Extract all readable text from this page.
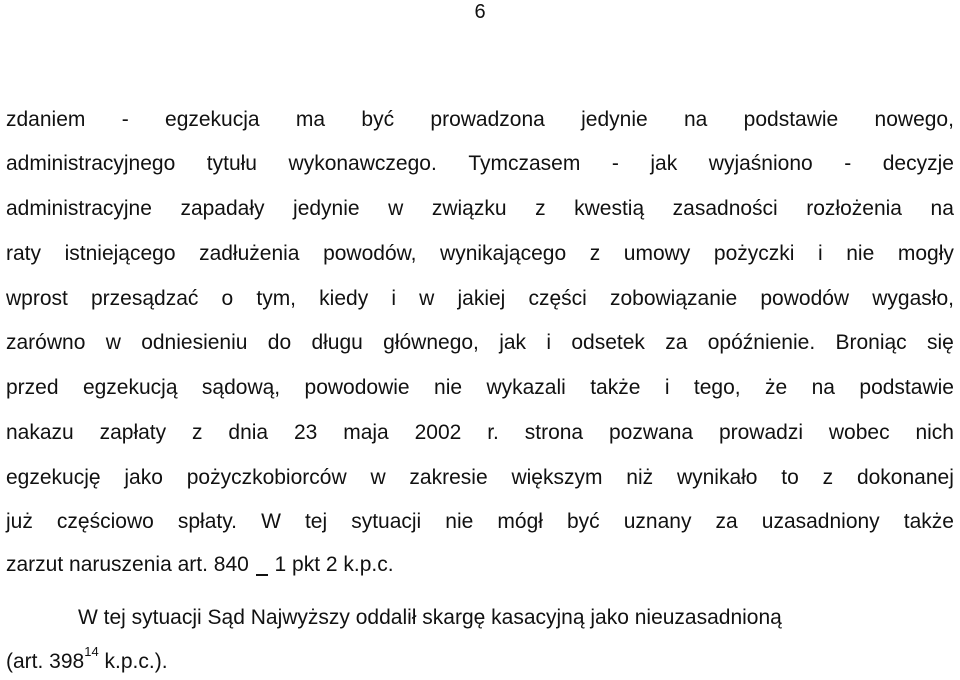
6
zdaniem - egzekucja ma być prowadzona jedynie na podstawie nowego,
administracyjnego tytułu wykonawczego. Tymczasem - jak wyjaśniono - decyzje
administracyjne zapadały jedynie w związku z kwestią zasadności rozłożenia na
raty istniejącego zadłużenia powodów, wynikającego z umowy pożyczki i nie mogły
wprost przesądzać o tym, kiedy i w jakiej części zobowiązanie powodów wygasło,
zarówno w odniesieniu do długu głównego, jak i odsetek za opóźnienie. Broniąc się
przed egzekucją sądową, powodowie nie wykazali także i tego, że na podstawie
nakazu zapłaty z dnia 23 maja 2002 r. strona pozwana prowadzi wobec nich
egzekucję jako pożyczkobiorców w zakresie większym niż wynikało to z dokonanej
już częściowo spłaty. W tej sytuacji nie mógł być uznany za uzasadniony także
zarzut naruszenia art. 840 1 pkt 2 k.p.c.
W tej sytuacji Sąd Najwyższy oddalił skargę kasacyjną jako nieuzasadnioną
(art. $398^{14}$ k.p.c.).
